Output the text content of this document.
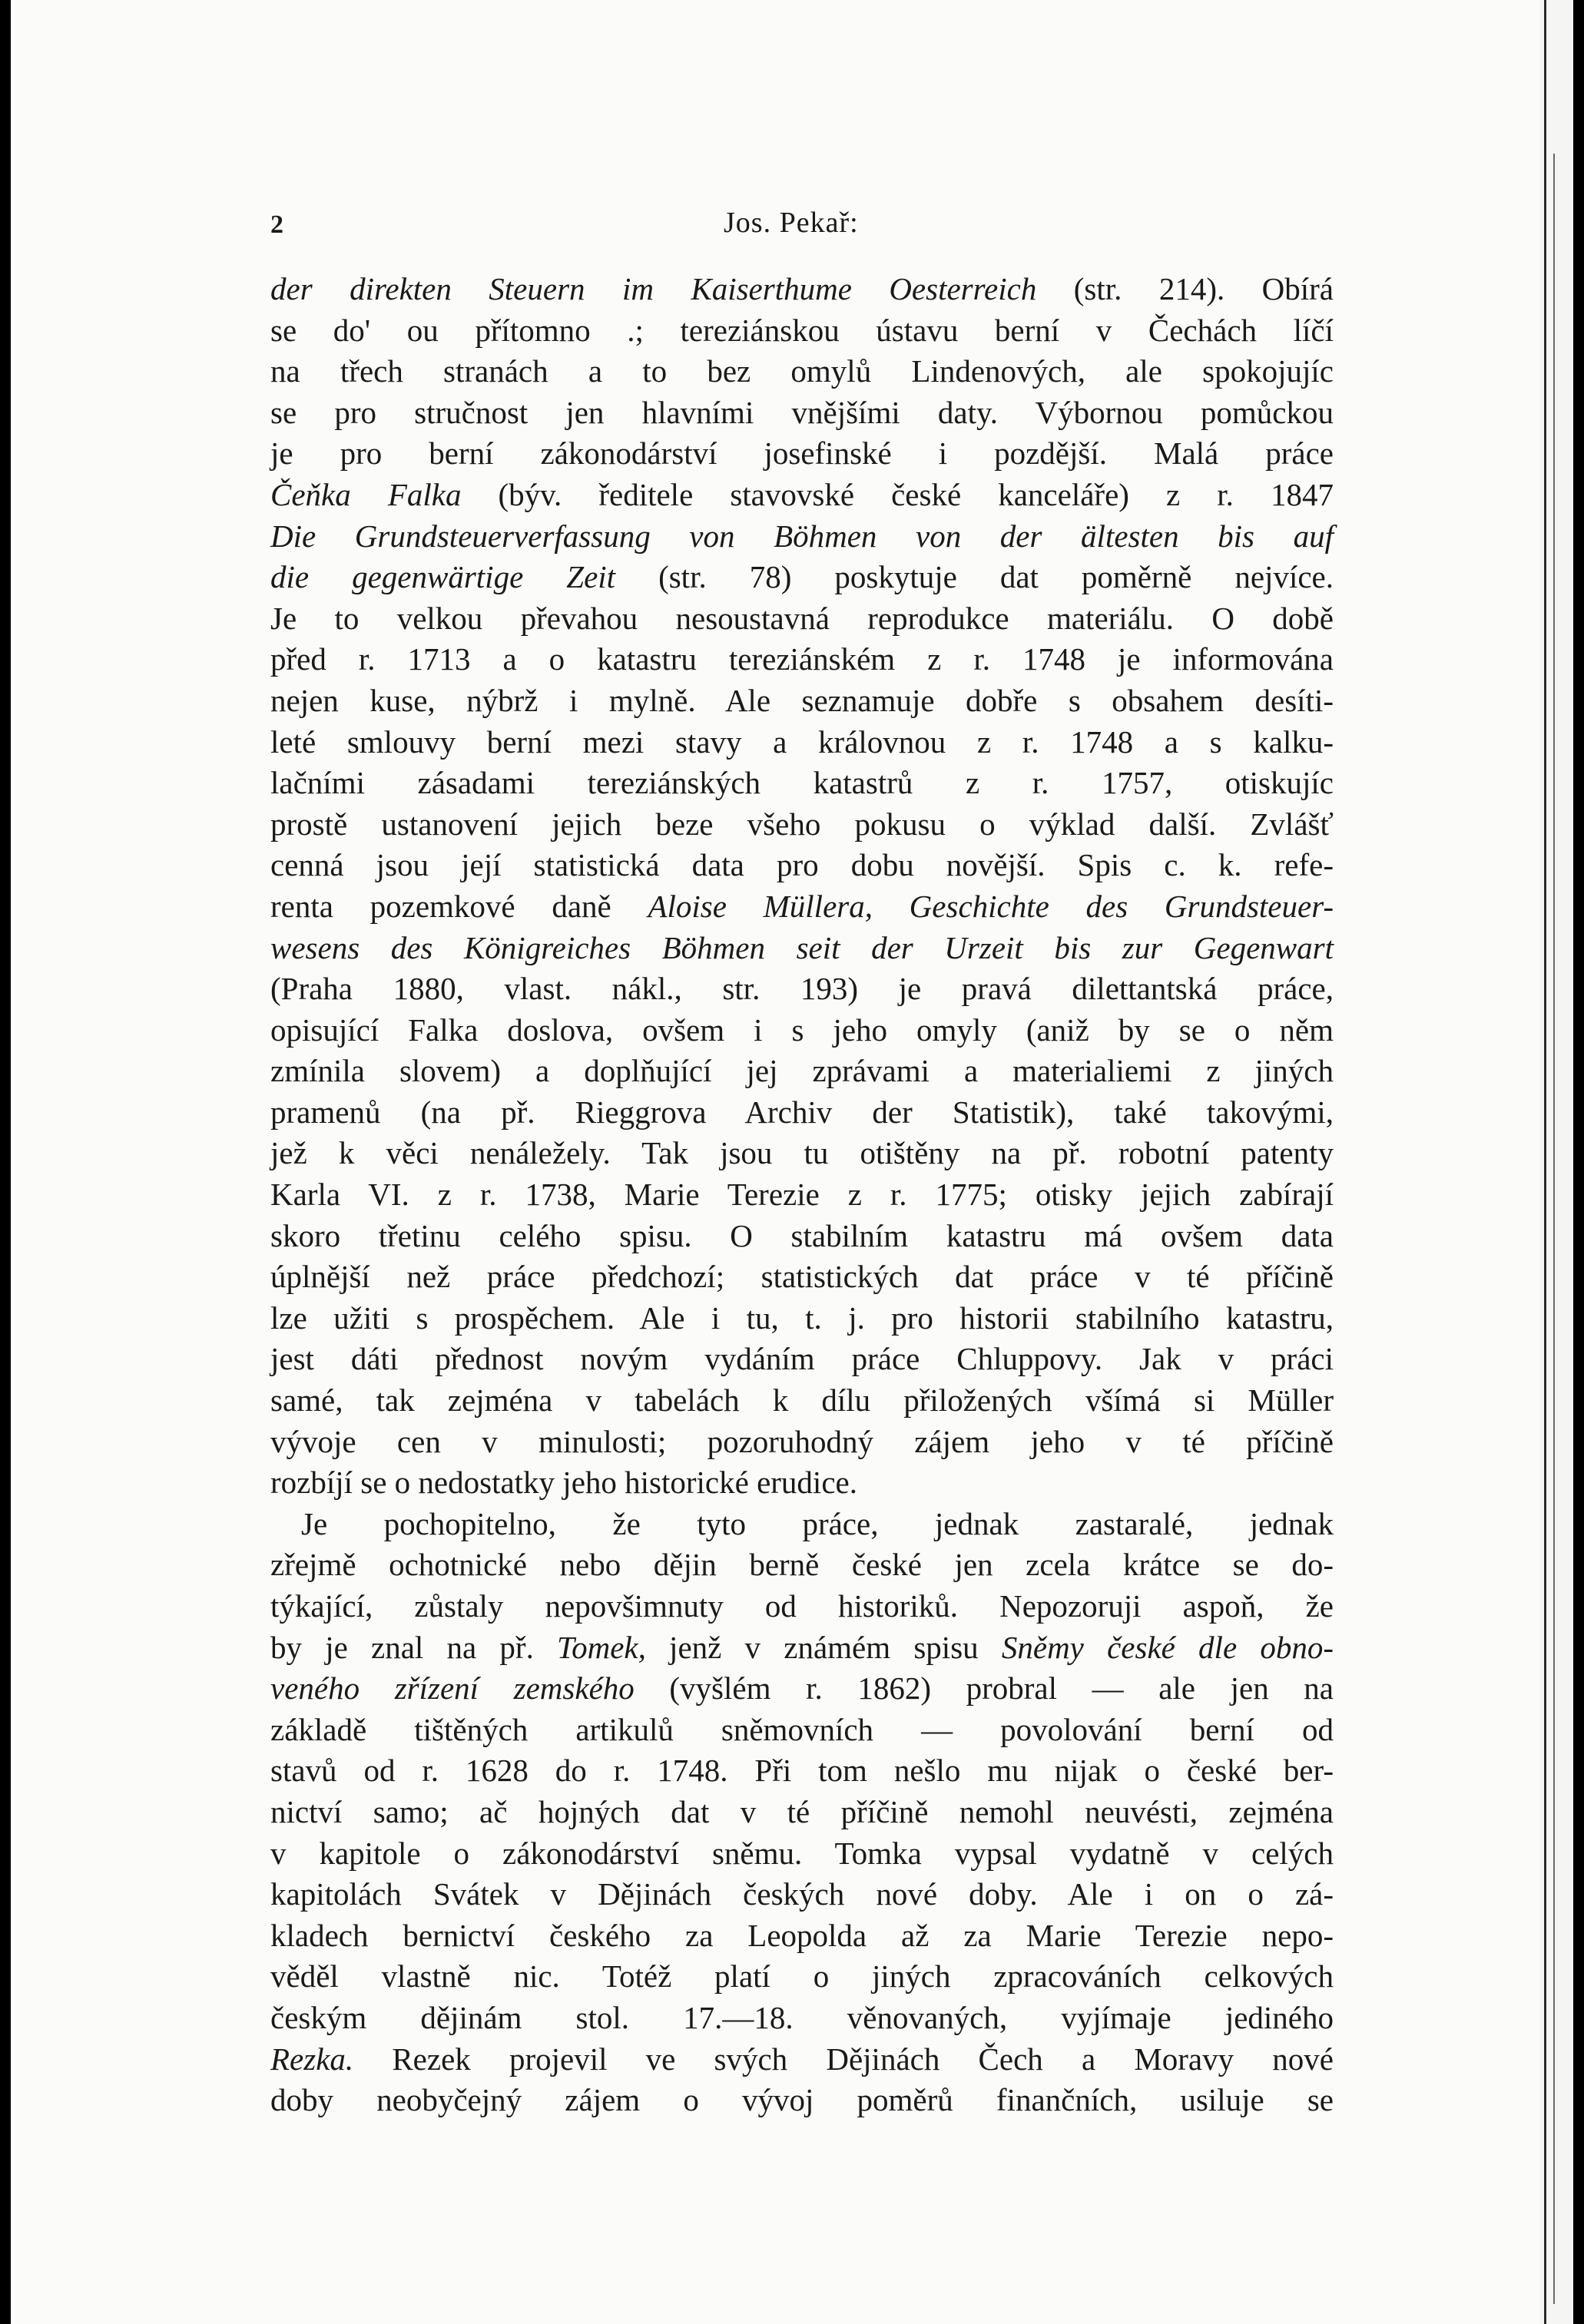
2	Jos. Pekař:
der direkten Steuern im Kaiserthume Oesterreich (str. 214). Obírá
se do' ou přítomno .; tereziánskou ústavu berní v Čechách líčí
na třech stranách a to bez omylů Lindenových, ale spokojujíc
se pro stručnost jen hlavními vnějšími daty. Výbornou pomůckou
je pro berní zákonodárství josefinské i pozdější. Malá práce
Čeňka Falka (býv. ředitele stavovské české kanceláře) z r. 1847
Die Grundsteuerverfassung von Böhmen von der ältesten bis auf
die gegenwärtige Zeit (str. 78) poskytuje dat poměrně nejvíce.
Je to velkou převahou nesoustavná reprodukce materiálu. O době
před r. 1713 a o katastru tereziánském z r. 1748 je informována
nejen kuse, nýbrž i mylně. Ale seznamuje dobře s obsahem desíti-
leté smlouvy berní mezi stavy a královnou z r. 1748 a s kalku-
lačními zásadami tereziánských katastrů z r. 1757, otiskujíc
prostě ustanovení jejich beze všeho pokusu o výklad další. Zvlášť
cenná jsou její statistická data pro dobu novější. Spis c. k. refe-
renta pozemkové daně Aloise Müllera, Geschichte des Grundsteuer-
wesens des Königreiches Böhmen seit der Urzeit bis zur Gegenwart
(Praha 1880, vlast. nákl., str. 193) je pravá dilettantská práce,
opisující Falka doslova, ovšem i s jeho omyly (aniž by se o něm
zmínila slovem) a doplňující jej zprávami a materialiemi z jiných
pramenů (na př. Rieggrova Archiv der Statistik), také takovými,
jež k věci nenáležely. Tak jsou tu otištěny na př. robotní patenty
Karla VI. z r. 1738, Marie Terezie z r. 1775; otisky jejich zabírají
skoro třetinu celého spisu. O stabilním katastru má ovšem data
úplnější než práce předchozí; statistických dat práce v té příčině
lze užiti s prospěchem. Ale i tu, t. j. pro historii stabilního katastru,
jest dáti přednost novým vydáním práce Chluppovy. Jak v práci
samé, tak zejména v tabelách k dílu přiložených všímá si Müller
vývoje cen v minulosti; pozoruhodný zájem jeho v té příčině
rozbíjí se o nedostatky jeho historické erudice.
Je pochopitelno, že tyto práce, jednak zastaralé, jednak
zřejmě ochotnické nebo dějin berně české jen zcela krátce se do-
týkající, zůstaly nepovšimnuty od historiků. Nepozoruji aspoň, že
by je znal na př. Tomek, jenž v známém spisu Sněmy české dle obno-
veného zřízení zemského (vyšlém r. 1862) probral — ale jen na
základě tištěných artikulů sněmovních — povolování berní od
stavů od r. 1628 do r. 1748. Při tom nešlo mu nijak o české ber-
nictví samo; ač hojných dat v té příčině nemohl neuvésti, zejména
v kapitole o zákonodárství sněmu. Tomka vypsal vydatně v celých
kapitolách Svátek v Dějinách českých nové doby. Ale i on o zá-
kladech bernictví českého za Leopolda až za Marie Terezie nepo-
věděl vlastně nic. Totéž platí o jiných zpracováních celkových
českým dějinám stol. 17.—18. věnovaných, vyjímaje jediného
Rezka. Rezek projevil ve svých Dějinách Čech a Moravy nové
doby neobyčejný zájem o vývoj poměrů finančních, usiluje se
